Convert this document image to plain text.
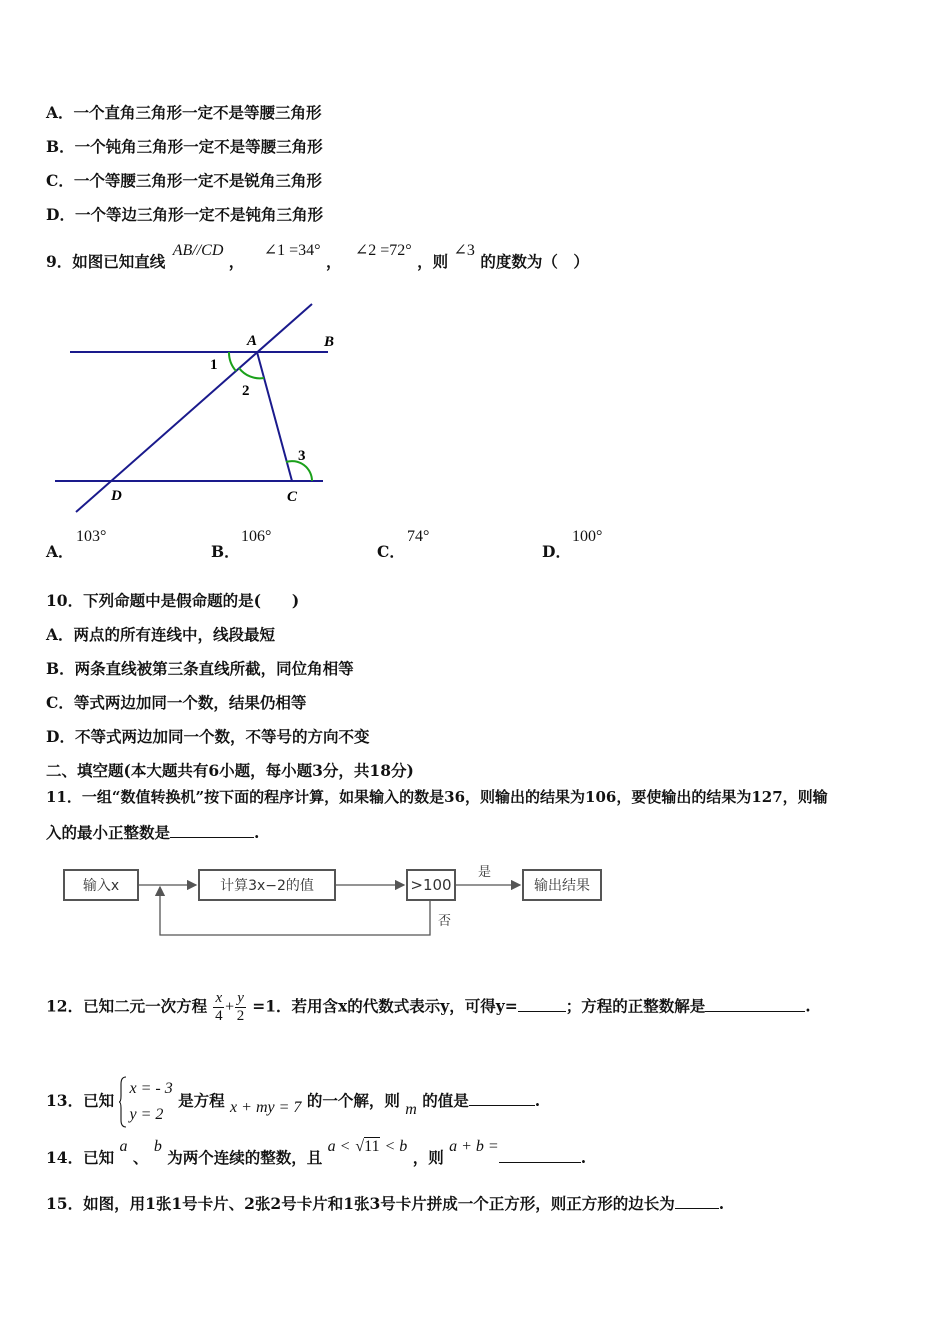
A．一个直角三角形一定不是等腰三角形
B．一个钝角三角形一定不是等腰三角形
C．一个等腰三角形一定不是锐角三角形
D．一个等边三角形一定不是钝角三角形
9．如图已知直线 AB//CD ， ∠1 =34° ， ∠2 =72° ，则 ∠3 的度数为（　）
A	B
1
2
3
D	C
A．
103°
B．
106°
C．
74°
D．
100°
10．下列命题中是假命题的是(　　)
A．两点的所有连线中，线段最短
B．两条直线被第三条直线所截，同位角相等
C．等式两边加同一个数，结果仍相等
D．不等式两边加同一个数，不等号的方向不变
二、填空题(本大题共有6小题，每小题3分，共18分)
11．一组“数值转换机”按下面的程序计算，如果输入的数是36，则输出的结果为106，要使输出的结果为127，则输
入的最小正整数是	.
输入x	计算3x−2的值	>100	输出结果
是
否
12．已知二元一次方程 $\frac{x}{4} + \frac{y}{2} =1$．若用含x的代数式表示y，可得y=	；方程的正整数解是	.
13．已知
x = - 3
y = 2
是方程 x + my = 7 的一个解，则 m 的值是	.
14．已知 a 、 b 为两个连续的整数，且 a < √11 < b ，则 a + b =.
15．如图，用1张1号卡片、2张2号卡片和1张3号卡片拼成一个正方形，则正方形的边长为	.
